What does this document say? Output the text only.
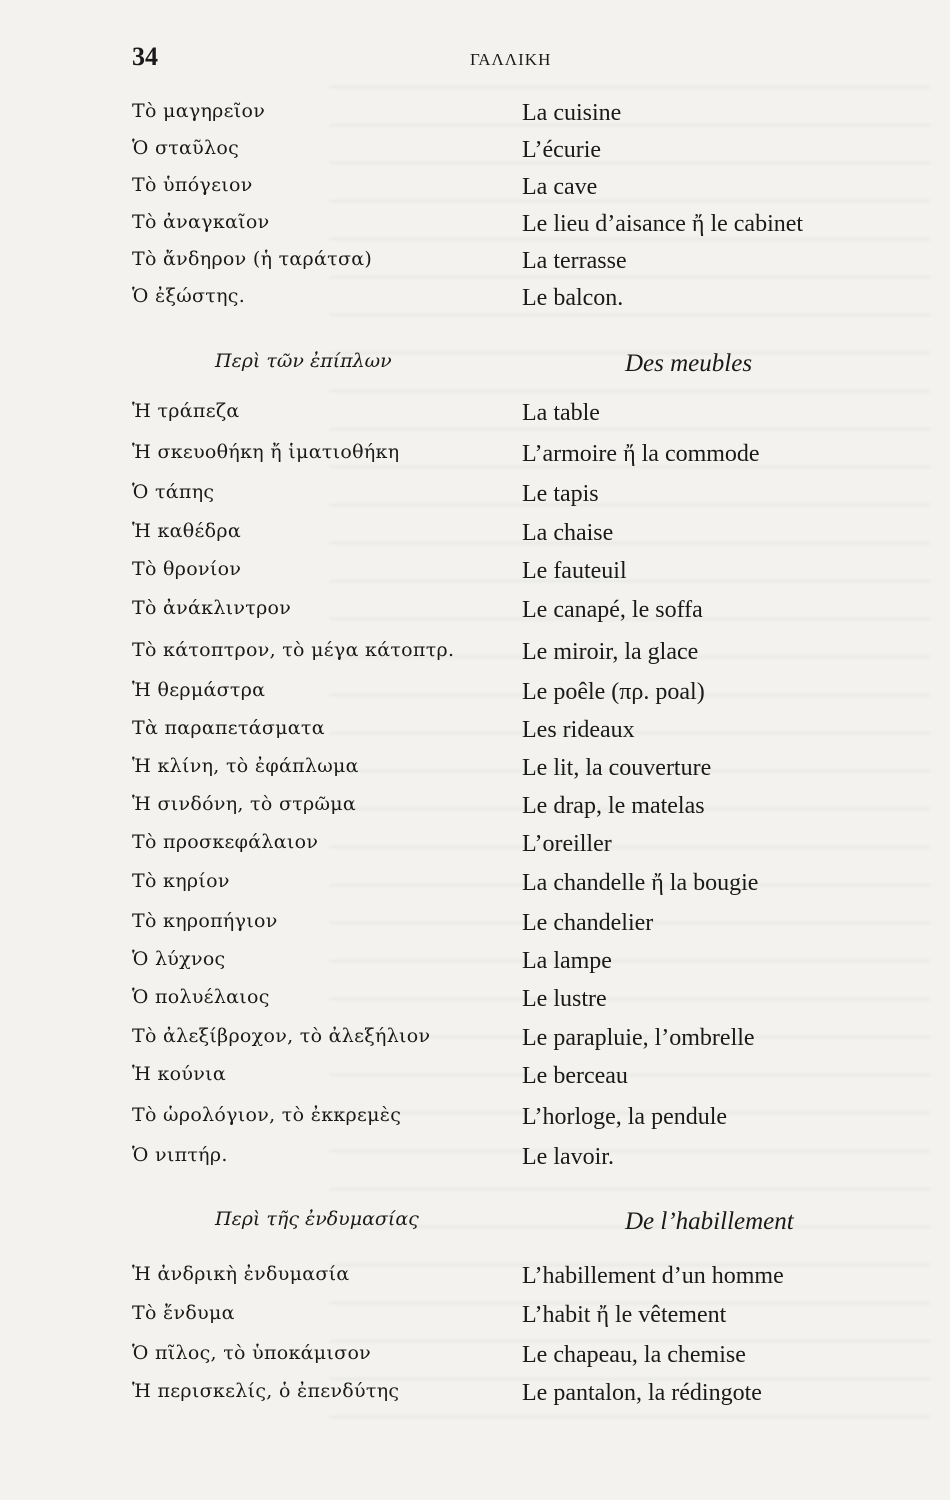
34	ΓΑΛΛΙΚΗ
Τὸ μαγηρεῖον	La cuisine
Ὁ σταῦλος	L’écurie
Τὸ ὑπόγειον	La cave
Τὸ ἀναγκαῖον	Le lieu d’aisance ἤ le cabinet
Τὸ ἄνδηρον (ἡ ταράτσα)	La terrasse
Ὁ ἐξώστης.	Le balcon.
Περὶ τῶν ἐπίπλων	Des meubles
Ἡ τράπεζα	La table
Ἡ σκευοθήκη ἤ ἱματιοθήκη	L’armoire ἤ la commode
Ὁ τάπης	Le tapis
Ἡ καθέδρα	La chaise
Τὸ θρονίον	Le fauteuil
Τὸ ἀνάκλιντρον	Le canapé, le soffa
Τὸ κάτοπτρον, τὸ μέγα κάτοπτρ.	Le miroir, la glace
Ἡ θερμάστρα	Le poêle (πρ. poal)
Τὰ παραπετάσματα	Les rideaux
Ἡ κλίνη, τὸ ἐφάπλωμα	Le lit, la couverture
Ἡ σινδόνη, τὸ στρῶμα	Le drap, le matelas
Τὸ προσκεφάλαιον	L’oreiller
Τὸ κηρίον	La chandelle ἤ la bougie
Τὸ κηροπήγιον	Le chandelier
Ὁ λύχνος	La lampe
Ὁ πολυέλαιος	Le lustre
Τὸ ἀλεξίβροχον, τὸ ἀλεξήλιον	Le parapluie, l’ombrelle
Ἡ κούνια	Le berceau
Τὸ ὡρολόγιον, τὸ ἐκκρεμὲς	L’horloge, la pendule
Ὁ νιπτήρ.	Le lavoir.
Περὶ τῆς ἐνδυμασίας	De l’habillement
Ἡ ἀνδρικὴ ἐνδυμασία	L’habillement d’un homme
Τὸ ἔνδυμα	L’habit ἤ le vêtement
Ὁ πῖλος, τὸ ὑποκάμισον	Le chapeau, la chemise
Ἡ περισκελίς, ὁ ἐπενδύτης	Le pantalon, la rédingote
